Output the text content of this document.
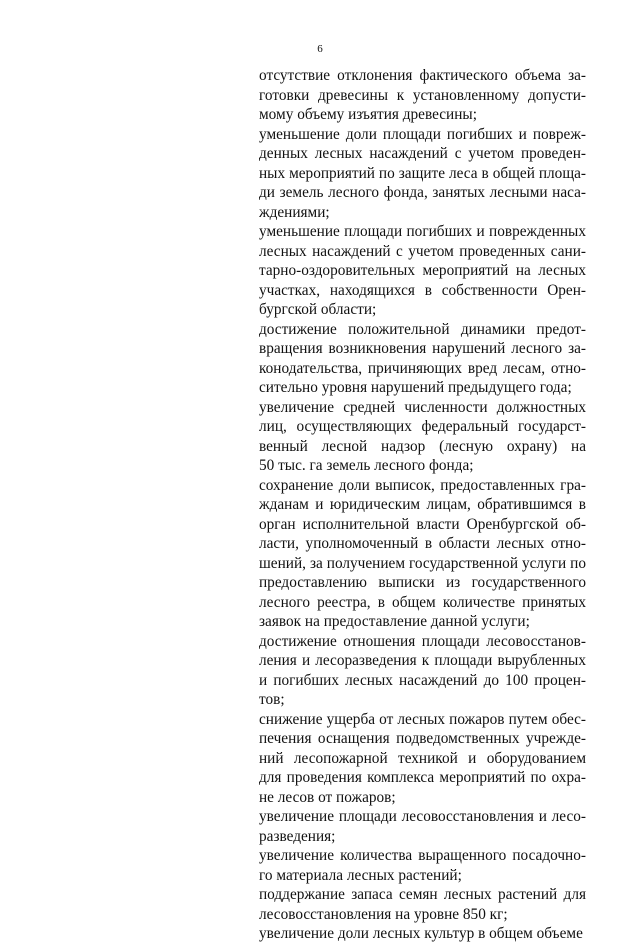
6
отсутствие отклонения фактического объема за-
готовки древесины к установленному допусти-
мому объему изъятия древесины;
уменьшение доли площади погибших и повреж-
денных лесных насаждений с учетом проведен-
ных мероприятий по защите леса в общей площа-
ди земель лесного фонда, занятых лесными наса-
ждениями;
уменьшение площади погибших и поврежденных
лесных насаждений с учетом проведенных сани-
тарно-оздоровительных мероприятий на лесных
участках, находящихся в собственности Орен-
бургской области;
достижение положительной динамики предот-
вращения возникновения нарушений лесного за-
конодательства, причиняющих вред лесам, отно-
сительно уровня нарушений предыдущего года;
увеличение средней численности должностных
лиц, осуществляющих федеральный государст-
венный лесной надзор (лесную охрану) на
50 тыс. га земель лесного фонда;
сохранение доли выписок, предоставленных гра-
жданам и юридическим лицам, обратившимся в
орган исполнительной власти Оренбургской об-
ласти, уполномоченный в области лесных отно-
шений, за получением государственной услуги по
предоставлению выписки из государственного
лесного реестра, в общем количестве принятых
заявок на предоставление данной услуги;
достижение отношения площади лесовосстанов-
ления и лесоразведения к площади вырубленных
и погибших лесных насаждений до 100 процен-
тов;
снижение ущерба от лесных пожаров путем обес-
печения оснащения подведомственных учрежде-
ний лесопожарной техникой и оборудованием
для проведения комплекса мероприятий по охра-
не лесов от пожаров;
увеличение площади лесовосстановления и лесо-
разведения;
увеличение количества выращенного посадочно-
го материала лесных растений;
поддержание запаса семян лесных растений для
лесовосстановления на уровне 850 кг;
увеличение доли лесных культур в общем объеме
